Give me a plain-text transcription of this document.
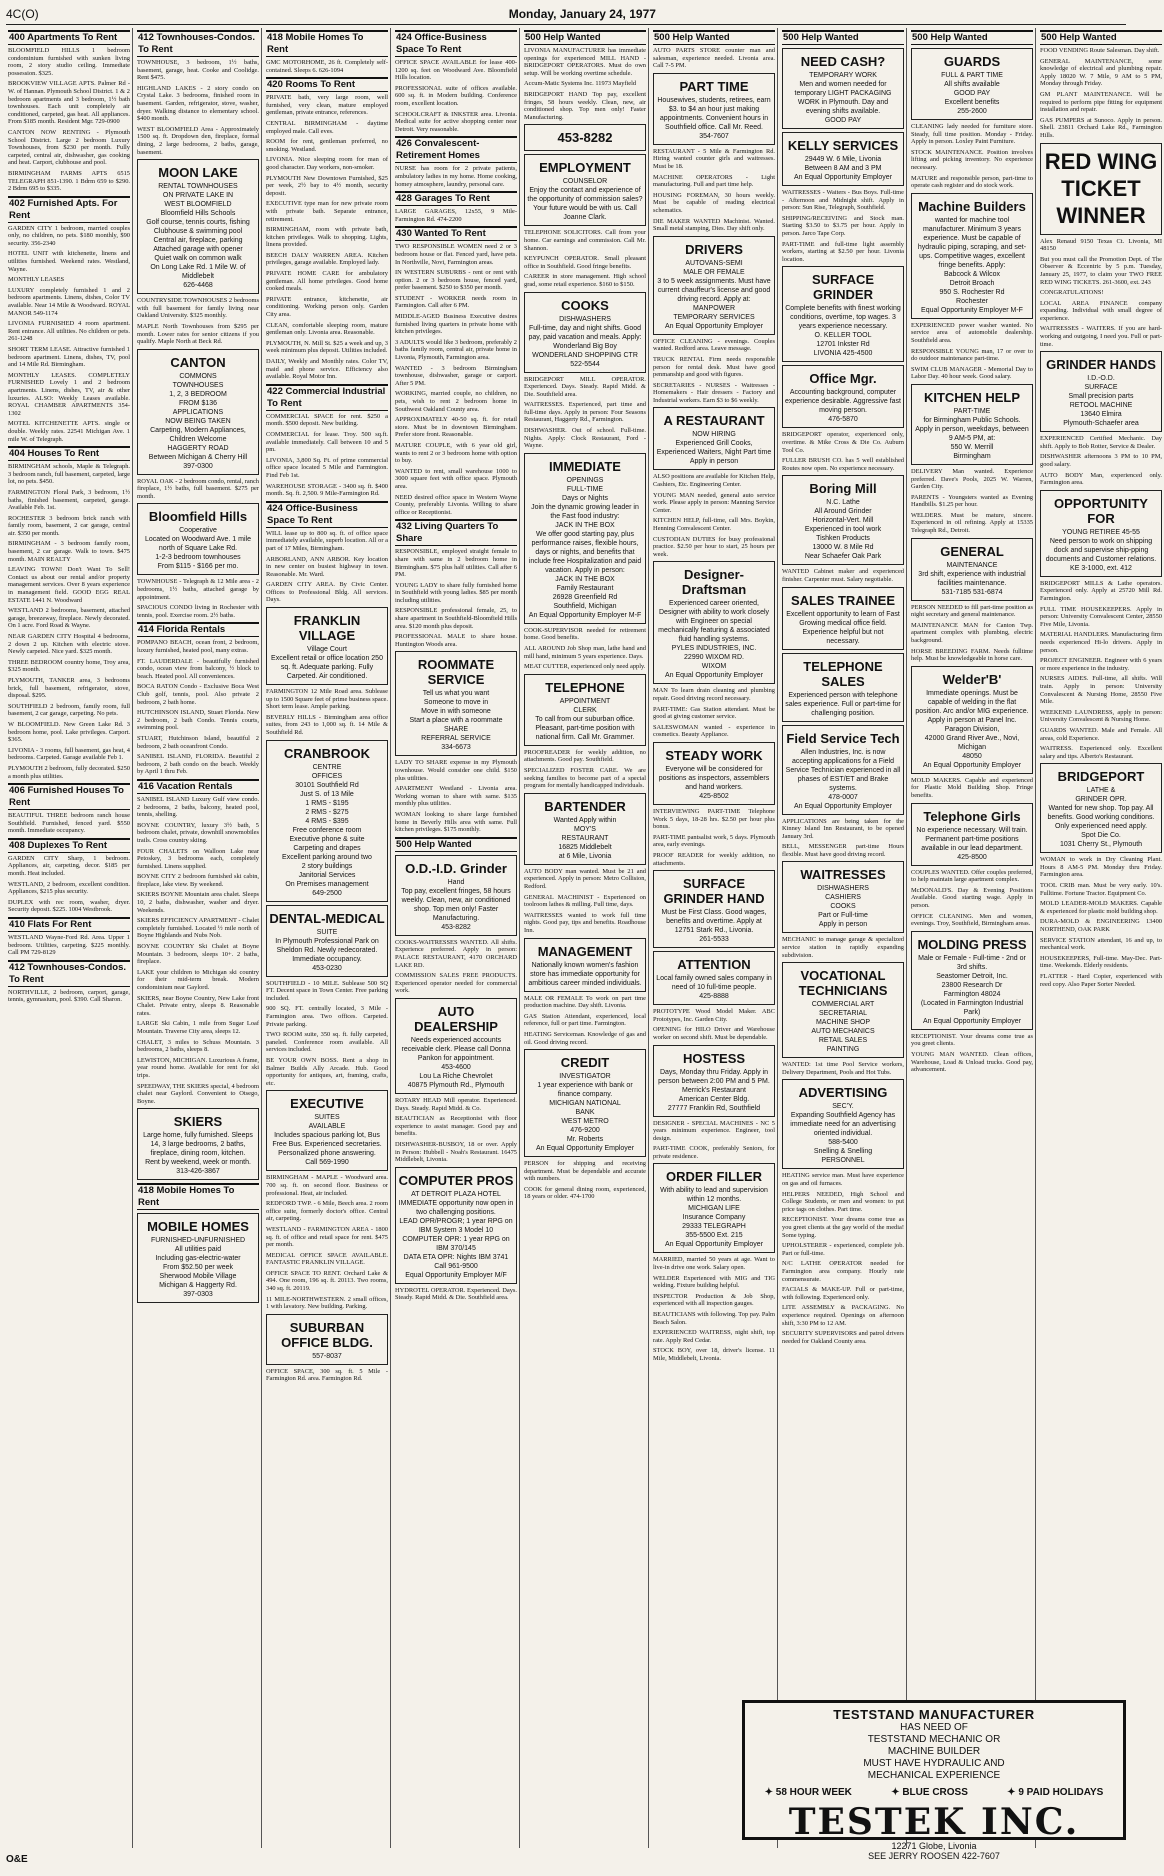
4C(O)	Monday, January 24, 1977
400 Apartments To Rent
BLOOMFIELD HILLS 1 bedroom condominium furnished with sunken living room, 2 story studio ceiling. Immediate possession. $325.
BROOKVIEW VILLAGE APTS. Palmer Rd - W. of Hannan. Plymouth School District. 1 & 2 bedroom apartments and 3 bedroom, 1½ bath townhouses. Each unit completely air conditioned, carpeted, gas heat. All appliances. From $185 month. Resident Mgr. 729-0900
CANTON NOW RENTING - Plymouth School District. Large 2 bedroom Luxury Townhouses, from $230 per month. Fully carpeted, central air, dishwasher, gas cooking and heat. Carport, clubhouse and pool.
BIRMINGHAM FARMS APTS 6515 TELEGRAPH 851-1390. 1 Bdrm 659 to $290. 2 Bdrm 695 to $335.
402 Furnished Apts. For Rent
GARDEN CITY 1 bedroom, married couples only, no children, no pets. $180 monthly, $90 security. 356-2340
HOTEL UNIT with kitchenette, linens and utilities furnished. Weekend rates. Westland, Wayne.
MONTHLY LEASES
LUXURY completely furnished 1 and 2 bedroom apartments. Linens, dishes, Color TV available. Near 14 Mile & Woodward. ROYAL MANOR 549-1174
LIVONIA FURNISHED 4 room apartment. Rent entrance. All utilities. No children or pets. 261-1248
SHORT TERM LEASE. Attractive furnished 1 bedroom apartment. Linens, dishes, TV, pool and 14 Mile Rd. Birmingham.
MONTHLY LEASES. COMPLETELY FURNISHED Lovely 1 and 2 bedroom apartments. Linens, dishes, TV, air & other luxuries. ALSO: Weekly Leases available. ROYAL CHAMBER APARTMENTS 354-1302
MOTEL KITCHENETTE APTS. single or double. Weekly rates. 22541 Michigan Ave. 1 mile W. of Telegraph.
404 Houses To Rent
BIRMINGHAM schools, Maple & Telegraph. 3 bedroom ranch, full basement, carpeted, large lot, no pets. $450.
FARMINGTON Floral Park, 3 bedroom, 1½ baths, finished basement, carpeted, garage. Available Feb. 1st.
ROCHESTER 3 bedroom brick ranch with family room, basement, 2 car garage, central air. $350 per month.
BIRMINGHAM - 3 bedroom family room, basement, 2 car garage. Walk to town. $475 month. MAIN REALTY
LEAVING TOWN! Don't Want To Sell! Contact us about our rental and/or property management services. Over 8 years experience in management field. GOOD EGG REAL ESTATE 1441 N. Woodward
WESTLAND 2 bedrooms, basement, attached garage, breezeway, fireplace. Newly decorated. On 1 acre. Ford Road & Wayne.
NEAR GARDEN CITY Hospital 4 bedrooms, 2 down 2 up. Kitchen with electric stove. Newly carpeted. Nice yard. $325 month.
THREE BEDROOM country home, Troy area, $325 month.
PLYMOUTH, TANKER area, 3 bedrooms brick, full basement, refrigerator, stove, disposal. $295.
SOUTHFIELD 2 bedroom, family room, full basement, 2 car garage, carpeting. No pets.
W BLOOMFIELD. New Green Lake Rd. 3 bedroom home, pool. Lake privileges. Carport. $365.
LIVONIA - 3 rooms, full basement, gas heat, 4 bedrooms. Carpeted. Garage available Feb 1.
PLYMOUTH 2 bedroom, fully decorated. $250 a month plus utilities.
406 Furnished Houses To Rent
BEAUTIFUL THREE bedroom ranch house Southfield. Furnished, fenced yard. $550 month. Immediate occupancy.
408 Duplexes To Rent
GARDEN CITY Sharp, 1 bedroom. Appliances, air, carpeting, decor. $185 per month. Heat included.
WESTLAND, 2 bedroom, excellent condition. Appliances, $215 plus security.
DUPLEX with rec room, washer, dryer. Security deposit. $225. 1004 Westbrook.
410 Flats For Rent
WESTLAND Wayne-Ford Rd. Area. Upper 1 bedroom. Utilities, carpeting. $225 monthly. Call PM 729-8129
412 Townhouses-Condos. To Rent
NORTHVILLE, 2 bedroom, carport, garage, tennis, gymnasium, pool. $390. Call Sharon.
412 Townhouses-Condos. To Rent
TOWNHOUSE, 3 bedroom, 1½ baths, basement, garage, heat. Cooke and Coolidge. Rent $475.
HIGHLAND LAKES - 2 story condo on Crystal Lake. 3 bedrooms, finished room in basement. Garden, refrigerator, stove, washer, dryer. Walking distance to elementary school. $400 month.
WEST BLOOMFIELD Area - Approximately 1500 sq. ft. Dropdown den, fireplace, formal dining, 2 large bedrooms, 2 baths, garage, basement.
MOON LAKE
RENTAL TOWNHOUSES
ON PRIVATE LAKE IN
WEST BLOOMFIELD
Bloomfield Hills Schools
Golf course, tennis courts, fishing
Clubhouse & swimming pool
Central air, fireplace, parking
Attached garage with opener
Quiet walk on common walk
On Long Lake Rd. 1 Mile W. of Middlebelt
626-4468
COUNTRYSIDE TOWNHOUSES 2 bedrooms with full basement for family living near Oakland University. $325 monthly.
MAPLE North Townhouses from $295 per month. Lower rates for senior citizens if you qualify. Maple North at Beck Rd.
CANTON
COMMONS
TOWNHOUSES
1, 2, 3 BEDROOM
FROM $136
APPLICATIONS
NOW BEING TAKEN
Carpeting, Modern Appliances, Children Welcome
HAGGERTY ROAD
Between Michigan & Cherry Hill
397-0300
ROYAL OAK - 2 bedroom condo, rental, ranch fireplace, 1½ baths, full basement. $275 per month.
Bloomfield Hills
Cooperative
Located on Woodward Ave. 1 mile north of Square Lake Rd.
1-2-3 bedroom townhouses
From $115 - $166 per mo.
TOWNHOUSE - Telegraph & 12 Mile area - 2 bedrooms, 1½ baths, attached garage by appointment.
SPACIOUS CONDO living in Rochester with tennis, pool. Exercise room. 2½ baths.
414 Florida Rentals
POMPANO BEACH, ocean front, 2 bedroom, luxury furnished, heated pool, many extras.
FT. LAUDERDALE - beautifully furnished condo, ocean view from balcony, ½ block to beach. Heated pool. All conveniences.
BOCA RATON Condo - Exclusive Boca West Club golf, tennis, pool. Also private 2 bedroom, 2 bath home.
HUTCHINSON ISLAND, Stuart Florida. New 2 bedroom, 2 bath Condo. Tennis courts, swimming pool.
STUART, Hutchinson Island, beautiful 2 bedroom, 2 bath oceanfront Condo.
SANIBEL ISLAND, FLORIDA. Beautiful 2 bedroom, 2 bath condo on the beach. Weekly by April 1 thru Feb.
416 Vacation Rentals
SANIBEL ISLAND Luxury Gulf view condo. 2 bedrooms, 2 baths, balcony, heated pool, tennis, shelling.
BOYNE COUNTRY, luxury 3½ bath, 5 bedroom chalet, private, downhill snowmobiles trails. Cross country skiing.
FOUR CHALETS on Walloon Lake near Petoskey, 3 bedrooms each, completely furnished. Linens supplied.
BOYNE CITY 2 bedroom furnished ski cabin, fireplace, lake view. By weekend.
SKIERS BOYNE Mountain area chalet. Sleeps 10, 2 baths, dishwasher, washer and dryer. Weekends.
SKIERS EFFICIENCY APARTMENT - Chalet completely furnished. Located ½ mile north of Boyne Highlands and Nubs Nob.
BOYNE COUNTRY Ski Chalet at Boyne Mountain. 3 bedroom, sleeps 10+. 2 baths, fireplace.
LAKE your children to Michigan ski country for their mid-term break. Modern condominium near Gaylord.
SKIERS, near Boyne Country, New Lake front Chalet. Private entry, sleeps 8. Reasonable rates.
LARGE Ski Cabin, 1 mile from Sugar Loaf Mountain. Traverse City area, sleeps 12.
CHALET, 3 miles to Schuss Mountain. 3 bedrooms, 2 baths, sleeps 8.
LEWISTON, MICHIGAN. Luxurious A frame, year round home. Available for rent for ski trips.
SPEEDWAY, THE SKIERS special, 4 bedroom chalet near Gaylord. Convenient to Otsego, Boyne.
SKIERS
Large home, fully furnished. Sleeps 14, 3 large bedrooms, 2 baths, fireplace, dining room, kitchen.
Rent by weekend, week or month.
313-426-3867
418 Mobile Homes To Rent
MOBILE HOMES
FURNISHED-UNFURNISHED
All utilities paid
Including gas-electric-water
From $52.50 per week
Sherwood Mobile Village
Michigan & Haggerty Rd.
397-0303
418 Mobile Homes To Rent
GMC MOTORHOME, 26 ft. Completely self-contained. Sleeps 6. 626-1094
420 Rooms To Rent
PRIVATE bath, very large room, well furnished, very clean, mature employed gentleman, private entrance, references.
CENTRAL BIRMINGHAM - daytime employed male. Call eves.
ROOM for rent, gentleman preferred, no smoking. Westland.
LIVONIA. Nice sleeping room for man of good character. Day workers, non-smoker.
PLYMOUTH New Downtown Furnished, $25 per week, 2½ bay to 4½ month, security deposit.
EXECUTIVE type man for new private room with private bath. Separate entrance, retirement.
BIRMINGHAM, room with private bath, kitchen privileges. Walk to shopping. Lights, linens provided.
BEECH DALY WARREN AREA. Kitchen privileges, garage available. Employed lady.
PRIVATE HOME CARE for ambulatory gentleman. All home privileges. Good home cooked meals.
PRIVATE entrance, kitchenette, air conditioning. Working person only. Garden City area.
CLEAN, comfortable sleeping room, mature gentleman only. Livonia area. Reasonable.
PLYMOUTH, N. Mill St. $25 a week and up, 3 week minimum plus deposit. Utilities included.
DAILY, Weekly and Monthly rates. Color TV, maid and phone service. Efficiency also available. Royal Motor Inn.
422 Commercial Industrial To Rent
COMMERCIAL SPACE for rent. $250 a month. $500 deposit. New building.
COMMERCIAL for lease. Troy. 500 sq.ft. available immediately. Call between 10 and 5 pm.
LIVONIA, 3,800 Sq. Ft. of prime commercial office space located 5 Mile and Farmington. Find Feb 1st.
WAREHOUSE STORAGE - 3400 sq. ft. $400 month. Sq. ft. 2,500. 9 Mile-Farmington Rd.
424 Office-Business Space To Rent
WILL lease up to 800 sq. ft. of office space immediately available, superb location. All or a part of 17 Miles, Birmingham.
ARBORLAND, ANN ARBOR. Key location in new center on busiest highway in town. Reasonable. Mr. Ward.
GARDEN CITY AREA. By Civic Center. Offices to Professional Bldg. All services. Days.
FRANKLIN VILLAGE
Village Court
Excellent retail or office location 250 sq. ft. Adequate parking. Fully Carpeted. Air conditioned.
FARMINGTON 12 Mile Road area. Sublease up to 1500 Square feet of prime business space. Short term lease. Ample parking.
BEVERLY HILLS - Birmingham area office suites, from 243 to 1,000 sq. ft. 14 Mile & Southfield Rd.
CRANBROOK
CENTRE
OFFICES
30101 Southfield Rd
Just S. of 13 Mile
1 RMS - $195
2 RMS - $275
4 RMS - $395
Free conference room
Executive phone & suite
Carpeting and drapes
Excellent parking around two
2 story buildings
Janitorial Services
On Premises management
649-2500
DENTAL-MEDICAL
SUITE
In Plymouth Professional Park on Sheldon Rd. Newly redecorated. Immediate occupancy.
453-0230
SOUTHFIELD - 10 MILE. Sublease 500 SQ FT. Decent space in Town Center. Free parking included.
900 SQ. FT. centrally located, 3 Mile - Farmington area. Two offices. Carpeted. Private parking.
TWO ROOM suite, 350 sq. ft. fully carpeted, paneled. Conference room available. All services included.
BE YOUR OWN BOSS. Rent a shop in Balmer Builds Ally Arcade. Hub. Good opportunity for antiques, art, framing, crafts, etc.
EXECUTIVE
SUITES
AVAILABLE
Includes spacious parking lot, Bus Free Bus. Experienced secretaries. Personalized phone answering.
Call 569-1990
BIRMINGHAM - MAPLE - Woodward area. 700 sq. ft. on second floor. Business or professional. Heat, air included.
REDFORD TWP. - 6 Mile, Beech area. 2 room office suite, formerly doctor's office. Central air, carpeting.
WESTLAND - FARMINGTON AREA - 1800 sq. ft. of office and retail space for rent. $475 per month.
MEDICAL OFFICE SPACE AVAILABLE. FANTASTIC FRANKLIN VILLAGE.
OFFICE SPACE TO RENT. Orchard Lake & 494. One room, 196 sq. ft. 20113. Two rooms, 340 sq. ft. 20119.
11 MILE-NORTHWESTERN. 2 small offices, 1 with lavatory. New building. Parking.
SUBURBAN OFFICE BLDG.
557-8037
OFFICE SPACE, 300 sq. ft. 5 Mile - Farmington Rd. area. Farmington Rd.
424 Office-Business Space To Rent
OFFICE SPACE AVAILABLE for lease 400-1200 sq. feet on Woodward Ave. Bloomfield Hills location.
PROFESSIONAL suite of offices available. 600 sq. ft. in Modern building. Conference room, excellent location.
SCHOOLCRAFT & INKSTER area. Livonia. Medical suite for active shopping center near Detroit. Very reasonable.
426 Convalescent-Retirement Homes
NURSE has room for 2 private patients, ambulatory ladies in my home. Home cooking, homey atmosphere, laundry, personal care.
428 Garages To Rent
LARGE GARAGES, 12x55, 9 Mile-Farmington Rd. 474-2200
430 Wanted To Rent
TWO RESPONSIBLE WOMEN need 2 or 3 bedroom house or flat. Fenced yard, have pets. In Northville, Novi, Farmington areas.
IN WESTERN SUBURBS - rent or rent with option. 2 or 3 bedroom house, fenced yard, prefer basement. $250 to $350 per month.
STUDENT - WORKER needs room in Farmington. Call after 6 PM.
MIDDLE-AGED Business Executive desires furnished living quarters in private home with kitchen privileges.
3 ADULTS would like 3 bedroom, preferably 2 baths family room, central air, private home in Livonia, Plymouth, Farmington area.
WANTED - 3 bedroom Birmingham townhouse, dishwasher, garage or carport. After 5 PM.
WORKING, married couple, no children, no pets, wish to rent 2 bedroom home in Southwest Oakland County area.
APPROXIMATELY 40-50 sq. ft. for retail store. Must be in downtown Birmingham. Prefer store front. Reasonable.
MATURE COUPLE, with 6 year old girl, wants to rent 2 or 3 bedroom home with option to buy.
WANTED to rent, small warehouse 1000 to 3000 square feet with office space. Plymouth area.
NEED desired office space in Western Wayne County, preferably Livonia. Willing to share office or Receptionist.
432 Living Quarters To Share
RESPONSIBLE, employed straight female to share with same in 2 bedroom home in Birmingham. $75 plus half utilities. Call after 6 PM.
YOUNG LADY to share fully furnished home in Southfield with young ladies. $85 per month including utilities.
RESPONSIBLE professional female, 25, to share apartment in Southfield-Bloomfield Hills area. $120 month plus deposit.
PROFESSIONAL MALE to share house. Huntington Woods area.
ROOMMATE SERVICE
Tell us what you want
Someone to move in
Move in with someone
Start a place with a roommate
SHARE
REFERRAL SERVICE
334-6673
LADY TO SHARE expense in my Plymouth townhouse. Would consider one child. $150 plus utilities.
APARTMENT Westland - Livonia area. Working woman to share with same. $135 monthly plus utilities.
WOMAN looking to share large furnished home in Beverly Hills area with same. Full kitchen privileges. $175 monthly.
500 Help Wanted
O.D.-I.D. Grinder
Hand
Top pay, excellent fringes, 58 hours weekly. Clean, new, air conditioned shop. Top men only! Faster Manufacturing.
453-8282
COOKS-WAITRESSES WANTED. All shifts. Experience preferred. Apply in person: PALACE RESTAURANT, 4170 ORCHARD LAKE RD.
COMMISSION SALES FREE PRODUCTS. Experienced operator needed for commercial work.
AUTO DEALERSHIP
Needs experienced accounts receivable clerk. Please call Donna Pankon for appointment.
453-4600
Lou La Riche Chevrolet
40875 Plymouth Rd., Plymouth
ROTARY HEAD Mill operator. Experienced. Days. Steady. Rapid Midd. & Co.
BEAUTICIAN as Receptionist with floor experience to assist manager. Good pay and benefits.
DISHWASHER-BUSBOY, 18 or over. Apply in Person: Hubbell - Noah's Restaurant. 16475 Middlebelt, Livonia.
COMPUTER PROS
AT DETROIT PLAZA HOTEL
IMMEDIATE opportunity now open in two challenging positions.
LEAD OPR/PROGR; 1 year RPG on IBM System 3 Model 10
COMPUTER OPR: 1 year RPG on IBM 370/145
DATA ETA OPR: Nights IBM 3741
Call 961-9500
Equal Opportunity Employer M/F
HYDROTEL OPERATOR. Experienced. Days. Steady. Rapid Midd. & Die. Southfield area.
500 Help Wanted
LIVONIA MANUFACTURER has immediate openings for experienced MILL HAND - BRIDGEPORT OPERATORS. Must do own setup. Will be working overtime schedule.
Accum-Matic Systems Inc. 11973 Mayfield
BRIDGEPORT HAND Top pay, excellent fringes, 58 hours weekly. Clean, new, air conditioned shop. Top men only! Faster Manufacturing.
453-8282
EMPLOYMENT
COUNSELOR
Enjoy the contact and experience of the opportunity of commission sales? Your future would be with us. Call Joanne Clark.
TELEPHONE SOLICITORS. Call from your home. Car earnings and commission. Call Mr. Shannon.
KEYPUNCH OPERATOR. Small pleasant office in Southfield. Good fringe benefits.
CAREER in store management. High school grad, some retail experience. $160 to $150.
COOKS
DISHWASHERS
Full-time, day and night shifts. Good pay, paid vacation and meals. Apply:
Wonderland Big Boy
WONDERLAND SHOPPING CTR
522-5544
BRIDGEPORT MILL OPERATOR. Experienced. Days. Steady. Rapid Midd. & Die. Southfield area.
WAITRESSES. Experienced, part time and full-time days. Apply in person: Four Seasons Restaurant, Haggerty Rd., Farmington.
DISHWASHER. Out of school. Full-time. Nights. Apply: Clock Restaurant, Ford - Wayne.
IMMEDIATE
OPENINGS
FULL-TIME
Days or Nights
Join the dynamic growing leader in the Fast food industry:
JACK IN THE BOX
We offer good starting pay, plus performance raises, flexible hours, days or nights, and benefits that include free Hospitalization and paid vacation. Apply in person:
JACK IN THE BOX
Family Restaurant
26928 Greenfield Rd
Southfield, Michigan
An Equal Opportunity Employer M-F
COOK-SUPERVISOR needed for retirement home. Good benefits.
ALL AROUND Job Shop man, lathe hand and mill hand, minimum 5 years experience. Days.
MEAT CUTTER, experienced only need apply.
TELEPHONE
APPOINTMENT
CLERK
To call from our suburban office. Pleasant, part-time position with national firm. Call Mr. Grammer.
PROOFREADER for weekly addition, no attachments. Good pay. Southfield.
SPECIALIZED FOSTER CARE. We are seeking families to become part of a special program for mentally handicapped individuals.
BARTENDER
Wanted Apply within
MOY'S
RESTAURANT
16825 Middlebelt
at 6 Mile, Livonia
AUTO BODY man wanted. Must be 21 and experienced. Apply in person: Metro Collision, Redford.
GENERAL MACHINIST - Experienced on toolroom lathes & milling. Full time, days.
WAITRESSES wanted to work full time nights. Good pay, tips and benefits. Roadhouse Inn.
MANAGEMENT
Nationally known women's fashion store has immediate opportunity for ambitious career minded individuals.
MALE OR FEMALE To work on part time production machine. Day shift. Livonia.
GAS Station Attendant, experienced, local reference, full or part time. Farmington.
HEATING Serviceman. Knowledge of gas and oil. Good driving record.
CREDIT
INVESTIGATOR
1 year experience with bank or finance company.
MICHIGAN NATIONAL
BANK
WEST METRO
476-9200
Mr. Roberts
An Equal Opportunity Employer
PERSON for shipping and receiving department. Must be dependable and accurate with numbers.
COOK for general dining room, experienced, 18 years or older. 474-1700
500 Help Wanted
AUTO PARTS STORE counter man and salesman, experience needed. Livonia area. Call 7-5 PM.
PART TIME
Housewives, students, retirees, earn $3. to $4 an hour just making appointments. Convenient hours in Southfield office. Call Mr. Reed.
354-7607
RESTAURANT - 5 Mile & Farmington Rd. Hiring wanted counter girls and waitresses. Must be 18.
MACHINE OPERATORS - Light manufacturing. Full and part time help.
HOUSING FOREMAN, 30 hours weekly. Must be capable of reading electrical schematics.
DIE MAKER WANTED Machinist. Wanted. Small metal stamping, Dies. Day shift only.
DRIVERS
AUTOVANS-SEMI
MALE OR FEMALE
3 to 5 week assignments. Must have current chauffeur's license and good driving record. Apply at:
MANPOWER
TEMPORARY SERVICES
An Equal Opportunity Employer
OFFICE CLEANING - evenings. Couples wanted. Redford area. Leave message.
TRUCK RENTAL Firm needs responsible person for rental desk. Must have good penmanship and good with figures.
SECRETARIES - NURSES - Waitresses - Homemakers - Hair dressers - Factory and Industrial workers. Earn $3 to $6 weekly.
A RESTAURANT
NOW HIRING
Experienced Grill Cooks, Experienced Waiters, Night Part time
Apply in person
ALSO positions are available for Kitchen Help, Cashiers, Etc. Engineering Center.
YOUNG MAN needed, general auto service work. Please apply in person: Manning Service Center.
KITCHEN HELP, full-time, call Mrs. Boykin, Henning Convalescent Center.
CUSTODIAN DUTIES for busy professional practice. $2.50 per hour to start, 25 hours per week.
Designer-Draftsman
Experienced career oriented, Designer with ability to work closely with Engineer on special mechanically featuring & associated fluid handling systems.
PYLES INDUSTRIES, INC.
22990 WIXOM RD.
WIXOM
An Equal Opportunity Employer
MAN To learn drain cleaning and plumbing repair. Good driving record necessary.
PART-TIME: Gas Station attendant. Must be good at giving customer service.
SALESWOMAN wanted - experience in cosmetics. Beauty Appliance.
STEADY WORK
Everyone will be considered for positions as inspectors, assemblers and hand workers.
425-8502
INTERVIEWING PART-TIME Telephone Work 5 days, 18-28 hrs. $2.50 per hour plus bonus.
PART-TIME pantsalist work, 5 days. Plymouth area, early evenings.
PROOF READER for weekly addition, no attachments.
SURFACE GRINDER HAND
Must be First Class. Good wages, benefits and overtime. Apply at 12751 Stark Rd., Livonia.
261-5533
ATTENTION
Local family owned sales company in need of 10 full-time people.
425-8888
PROTOTYPE Wood Model Maker. ABC Prototypes, Inc. Garden City.
OPENING for HILO Driver and Warehouse worker on second shift. Must be dependable.
HOSTESS
Days, Monday thru Friday. Apply in person between 2:00 PM and 5 PM.
Merrick's Restaurant
American Center Bldg.
27777 Franklin Rd, Southfield
DESIGNER - SPECIAL MACHINES - NC 5 years minimum experience. Engineer, tool design.
PART-TIME COOK, preferably Seniors, for private residence.
ORDER FILLER
With ability to lead and supervision within 12 months.
MICHIGAN LIFE
Insurance Company
29333 TELEGRAPH
355-5500 Ext. 215
An Equal Opportunity Employer
MARRIED, married 50 years at age. Want to live-in drive one work. Salary open.
WELDER Experienced with MIG and TIG welding. Fixture building helpful.
INSPECTOR Production & Job Shop, experienced with all inspection gauges.
BEAUTICIANS with following. Top pay. Palm Beach Salon.
EXPERIENCED WAITRESS, night shift, top rate. Apply Red Cedar.
STOCK BOY, over 18, driver's license. 11 Mile, Middlebelt, Livonia.
500 Help Wanted
NEED CASH?
TEMPORARY WORK
Men and women needed for temporary LIGHT PACKAGING WORK in Plymouth. Day and evening shifts available.
GOOD PAY
KELLY SERVICES
29449 W. 6 Mile, Livonia
Between 8 AM and 3 PM
An Equal Opportunity Employer
WAITRESSES - Waiters - Bus Boys. Full-time - Afternoon and Midnight shift. Apply in person: Sun Rise, Telegraph, Southfield.
SHIPPING/RECEIVING and Stock man. Starting $3.50 to $3.75 per hour. Apply in person. Jarco Tape Corp.
PART-TIME and full-time light assembly workers, starting at $2.50 per hour. Livonia location.
SURFACE GRINDER
Complete benefits with finest working conditions, overtime, top wages. 3 years experience necessary.
O. KELLER TOOL
12701 Inkster Rd
LIVONIA 425-4500
Office Mgr.
Accounting background, computer experience desirable. Aggressive fast moving person.
476-5870
BRIDGEPORT operator, experienced only, overtime. & Mike Cross & Die Co. Auburn Tool Co.
FULLER BRUSH CO. has 5 well established Routes now open. No experience necessary.
Boring Mill
N.C. Lathe
All Around Grinder
Horizontal-Vert. Mill
Experienced in tool work
Tishken Products
13000 W. 8 Mile Rd
Near Schaefer Oak Park
WANTED Cabinet maker and experienced finisher. Carpenter must. Salary negotiable.
SALES TRAINEE
Excellent opportunity to learn of Fast Growing medical office field. Experience helpful but not necessary.
TELEPHONE SALES
Experienced person with telephone sales experience. Full or part-time for challenging position.
Field Service Tech
Allen Industries, Inc. is now accepting applications for a Field Service Technician experienced in all phases of EST/ET and Brake systems.
478-0007
An Equal Opportunity Employer
APPLICATIONS are being taken for the Kinney Island Inn Restaurant, to be opened January 3rd.
BELL, MESSENGER part-time Hours flexible. Must have good driving record.
WAITRESSES
DISHWASHERS
CASHIERS
COOKS
Part or Full-time
Apply in person
MECHANIC to manage garage & specialized service station in rapidly expanding subdivision.
VOCATIONAL TECHNICIANS
COMMERCIAL ART
SECRETARIAL
MACHINE SHOP
AUTO MECHANICS
RETAIL SALES
PAINTING
WANTED: 1st time Pool Service workers, Delivery Department, Pools and Hot Tubs.
ADVERTISING
SEC'Y.
Expanding Southfield Agency has immediate need for an advertising oriented individual.
588-5400
Snelling & Snelling
PERSONNEL
HEATING service man. Must have experience on gas and oil furnaces.
HELPERS NEEDED, High School and College Students, or men and women: to put price tags on clothes. Part time.
RECEPTIONIST. Your dreams come true as you greet clients at the gay world of the media! Some typing.
UPHOLSTERER - experienced, complete job. Part or full-time.
N/C LATHE OPERATOR needed for Farmington area company. Hourly rate commensurate.
FACIALS & MAKE-UP. Full or part-time, with following. Experienced only.
LITE ASSEMBLY & PACKAGING. No experience required. Openings on afternoon shift, 3:30 PM to 12 AM.
SECURITY SUPERVISORS and patrol drivers needed for Oakland County area.
500 Help Wanted
GUARDS
FULL & PART TIME
All shifts available
GOOD PAY
Excellent benefits
255-2600
CLEANING lady needed for furniture store. Steady, full time position. Monday - Friday. Apply in person. Loxley Paint Furniture.
STOCK MAINTENANCE. Position involves lifting and picking inventory. No experience necessary.
MATURE and responsible person, part-time to operate cash register and do stock work.
Machine Builders
wanted for machine tool manufacturer. Minimum 3 years experience. Must be capable of hydraulic piping, scraping, and set-ups. Competitive wages, excellent fringe benefits. Apply:
Babcock & Wilcox
Detroit Broach
950 S. Rochester Rd
Rochester
Equal Opportunity Employer M-F
EXPERIENCED power washer wanted. No service area of automobile dealership. Southfield area.
RESPONSIBLE YOUNG man, 17 or over to do outdoor maintenance part-time.
SWIM CLUB MANAGER - Memorial Day to Labor Day. 40 hour week. Good salary.
KITCHEN HELP
PART-TIME
for Birmingham Public Schools. Apply in person, weekdays, between 9 AM-5 PM, at:
550 W. Merrill
Birmingham
DELIVERY Man wanted. Experience preferred. Dave's Pools, 2025 W. Warren, Garden City.
PARENTS - Youngsters wanted as Evening Handbills. $1.25 per hour.
WELDERS. Must be mature, sincere. Experienced in oil refining. Apply at 15335 Telegraph Rd., Detroit.
GENERAL
MAINTENANCE
3rd shift, experience with industrial facilities maintenance.
531-7185 531-6874
PERSON NEEDED to fill part-time position as night secretary and general maintenance.
MAINTENANCE MAN for Canton Twp. apartment complex with plumbing, electric background.
HORSE BREEDING FARM. Needs fulltime help. Must be knowledgeable in horse care.
Welder'B'
Immediate openings. Must be capable of welding in the flat position. Arc and/or MIG experience.
Apply in person at Panel Inc.
Paragon Division,
42000 Grand River Ave., Novi, Michigan
48050
An Equal Opportunity Employer
MOLD MAKERS. Capable and experienced for Plastic Mold Building Shop. Fringe benefits.
Telephone Girls
No experience necessary. Will train. Permanent part-time positions available in our lead department.
425-8500
COUPLES WANTED. Offer couples preferred, to help maintain large apartment complex.
McDONALD'S. Day & Evening Positions Available. Good starting wage. Apply in person.
OFFICE CLEANING. Men and women, evenings. Troy, Southfield, Birmingham areas.
MOLDING PRESS
Male or Female - Full-time - 2nd or 3rd shifts.
Seastomer Detroit, Inc.
23800 Research Dr
Farmington 48024
(Located in Farmington Industrial Park)
An Equal Opportunity Employer
RECEPTIONIST. Your dreams come true as you greet clients.
YOUNG MAN WANTED. Clean offices, Warehouse, Load & Unload trucks. Good pay, advancement.
500 Help Wanted
FOOD VENDING Route Salesman. Day shift.
GENERAL MAINTENANCE, some knowledge of electrical and plumbing repair. Apply 18020 W. 7 Mile, 9 AM to 5 PM, Monday through Friday.
GM PLANT MAINTENANCE. Will be required to perform pipe fitting for equipment installation and repair.
GAS PUMPERS at Sunoco. Apply in person. Shell. 23811 Orchard Lake Rd., Farmington Hills.
RED WING
TICKET
WINNER
Alex Renaud 9150 Texas Ct. Livonia, MI 48150
But you must call the Promotion Dept. of The Observer & Eccentric by 5 p.m. Tuesday, January 25, 1977, to claim your TWO FREE RED WING TICKETS. 261-3600, ext. 243
CONGRATULATIONS!
LOCAL AREA FINANCE company expanding. Individual with small degree of experience.
WAITRESSES - WAITERS. If you are hard-working and outgoing, I need you. Full or part-time.
GRINDER HANDS
I.D.-O.D.
SURFACE
Small precision parts
RETOOL MACHINE
13640 Elmira
Plymouth-Schaefer area
EXPERIENCED Certified Mechanic. Day shift. Apply to Bob Rotter, Service & Dealer.
DISHWASHER afternoons 3 PM to 10 PM, good salary.
AUTO BODY Man, experienced only. Farmington area.
OPPORTUNITY FOR
YOUNG RETIREE 45-55
Need person to work on shipping dock and supervise ship-pping documents and Customer relations.
KE 3-1000, ext. 412
BRIDGEPORT MILLS & Lathe operators. Experienced only. Apply at 25720 Mill Rd. Farmington.
FULL TIME HOUSEKEEPERS. Apply in person: University Convalescent Center, 28550 Five Mile, Livonia.
MATERIAL HANDLERS. Manufacturing firm needs experienced Hi-lo drivers. Apply in person.
PROJECT ENGINEER. Engineer with 6 years or more experience in the industry.
NURSES AIDES. Full-time, all shifts. Will train. Apply in person: University Convalescent & Nursing Home, 28550 Five Mile.
WEEKEND LAUNDRESS, apply in person: University Convalescent & Nursing Home.
GUARDS WANTED. Male and Female. All areas, cold Experience.
WAITRESS. Experienced only. Excellent salary and tips. Alberto's Restaurant.
BRIDGEPORT
LATHE &
GRINDER OPR.
Wanted for new shop. Top pay. All benefits. Good working conditions. Only experienced need apply.
Spot Die Co.
1031 Cherry St., Plymouth
WOMAN to work in Dry Cleaning Plant. Hours 8 AM-5 PM. Monday thru Friday. Farmington area.
TOOL CRIB man. Must be very early. 10's. Fulltime. Fortune Tractor. Equipment Co.
MOLD LEADER-MOLD MAKERS. Capable & experienced for plastic mold building shop.
DURA-MOLD & ENGINEERING 13400 NORTHEND, OAK PARK
SERVICE STATION attendant, 16 and up, to mechanical work.
HOUSEKEEPERS, Full-time. May-Dec. Part-time. Weekends. Elderly residents.
FLATTER - Hard Copier, experienced with reed copy. Also Paper Sorter Needed.
TESTSTAND MANUFACTURER
HAS NEED OF
TESTSTAND MECHANIC OR
MACHINE BUILDER
MUST HAVE HYDRAULIC AND
MECHANICAL EXPERIENCE
✦ 58 HOUR WEEK	✦ BLUE CROSS	✦ 9 PAID HOLIDAYS
TESTEK INC.
12271 Globe, Livonia
SEE JERRY ROOSEN 422-7607
O&E
